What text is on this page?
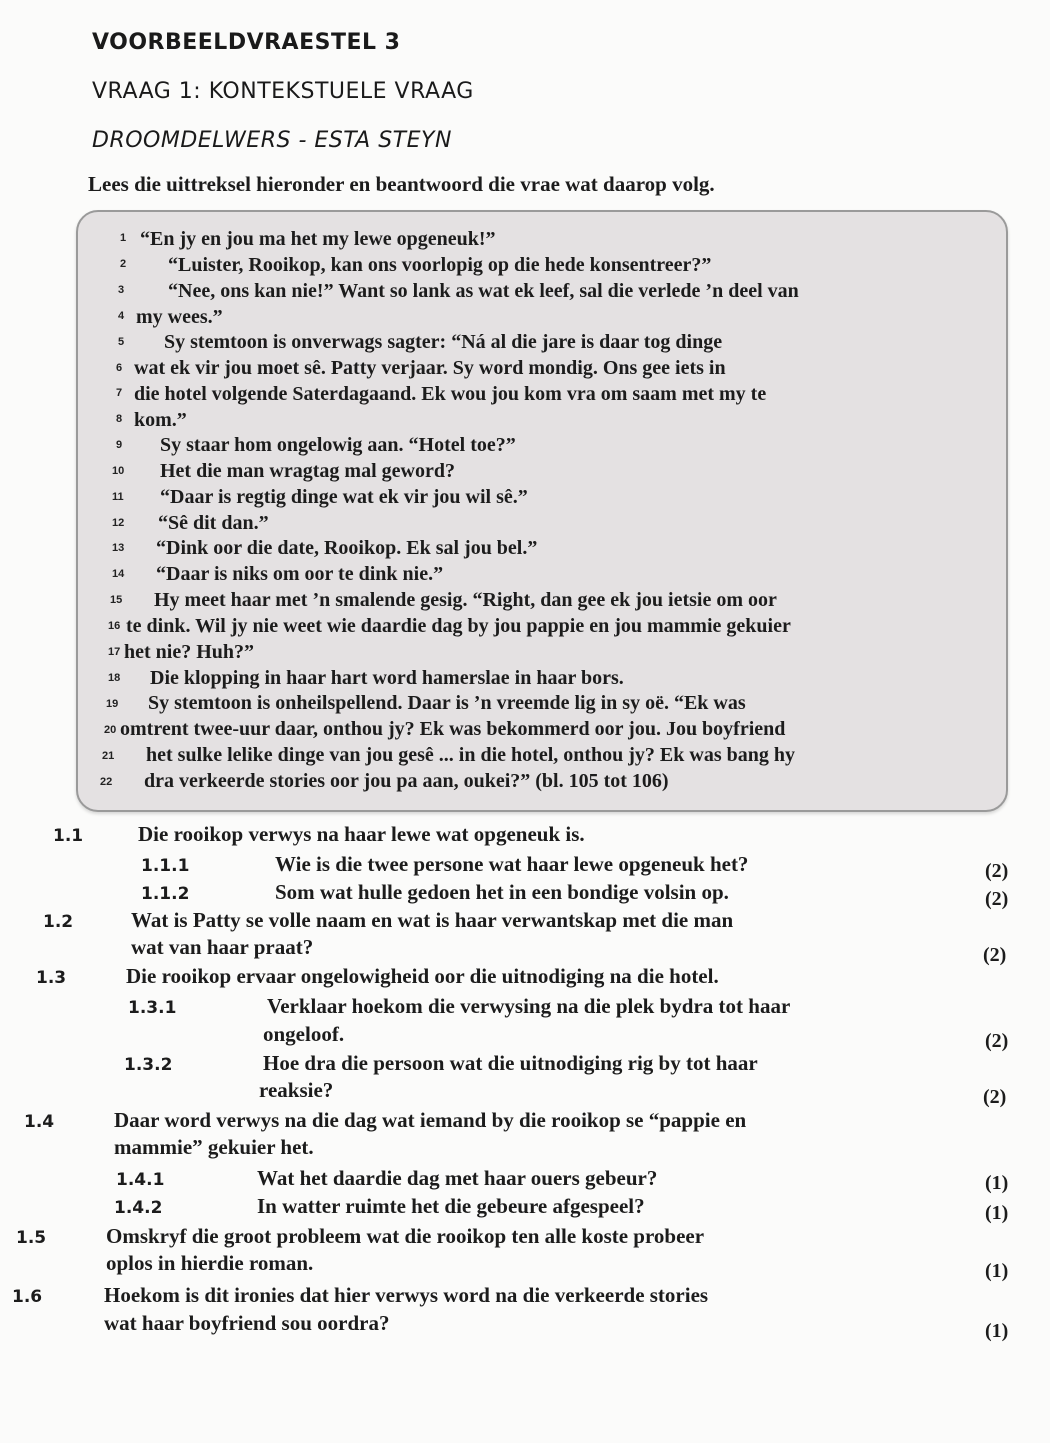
VOORBEELDVRAESTEL 3
VRAAG 1: KONTEKSTUELE VRAAG
DROOMDELWERS - ESTA STEYN
Lees die uittreksel hieronder en beantwoord die vrae wat daarop volg.
1 “En jy en jou ma het my lewe opgeneuk!”
2 “Luister, Rooikop, kan ons voorlopig op die hede konsentreer?”
3 “Nee, ons kan nie!” Want so lank as wat ek leef, sal die verlede ’n deel van
4 my wees.”
5 Sy stemtoon is onverwags sagter: “Ná al die jare is daar tog dinge
6 wat ek vir jou moet sê. Patty verjaar. Sy word mondig. Ons gee iets in
7 die hotel volgende Saterdagaand. Ek wou jou kom vra om saam met my te
8 kom.”
9 Sy staar hom ongelowig aan. “Hotel toe?”
10 Het die man wragtag mal geword?
11 “Daar is regtig dinge wat ek vir jou wil sê.”
12 “Sê dit dan.”
13 “Dink oor die date, Rooikop. Ek sal jou bel.”
14 “Daar is niks om oor te dink nie.”
15 Hy meet haar met ’n smalende gesig. “Right, dan gee ek jou ietsie om oor
16 te dink. Wil jy nie weet wie daardie dag by jou pappie en jou mammie gekuier
17 het nie? Huh?”
18 Die klopping in haar hart word hamerslae in haar bors.
19 Sy stemtoon is onheilspellend. Daar is ’n vreemde lig in sy oë. “Ek was
20 omtrent twee-uur daar, onthou jy? Ek was bekommerd oor jou. Jou boyfriend
21 het sulke lelike dinge van jou gesê ... in die hotel, onthou jy? Ek was bang hy
22 dra verkeerde stories oor jou pa aan, oukei?” (bl. 105 tot 106)
1.1	Die rooikop verwys na haar lewe wat opgeneuk is.
1.1.1	Wie is die twee persone wat haar lewe opgeneuk het?	(2)
1.1.2	Som wat hulle gedoen het in een bondige volsin op.	(2)
1.2	Wat is Patty se volle naam en wat is haar verwantskap met die man
wat van haar praat?	(2)
1.3	Die rooikop ervaar ongelowigheid oor die uitnodiging na die hotel.
1.3.1	Verklaar hoekom die verwysing na die plek bydra tot haar
ongeloof.	(2)
1.3.2	Hoe dra die persoon wat die uitnodiging rig by tot haar
reaksie?	(2)
1.4	Daar word verwys na die dag wat iemand by die rooikop se “pappie en
mammie” gekuier het.
1.4.1	Wat het daardie dag met haar ouers gebeur?	(1)
1.4.2	In watter ruimte het die gebeure afgespeel?	(1)
1.5	Omskryf die groot probleem wat die rooikop ten alle koste probeer
oplos in hierdie roman.	(1)
1.6	Hoekom is dit ironies dat hier verwys word na die verkeerde stories
wat haar boyfriend sou oordra?	(1)
